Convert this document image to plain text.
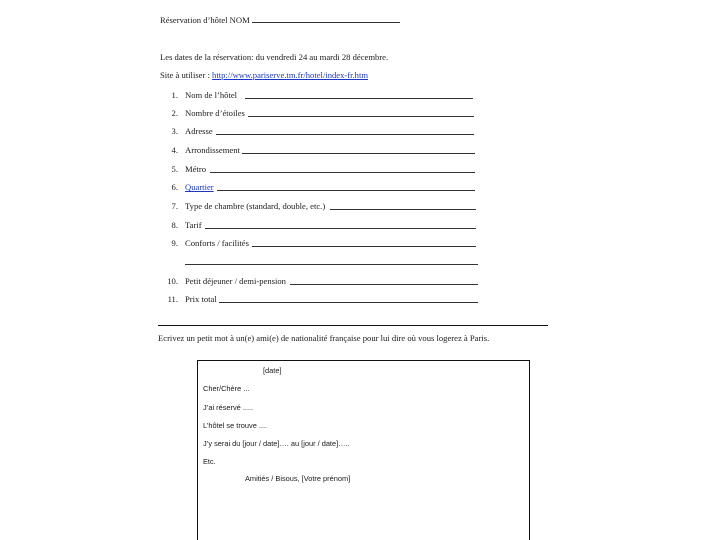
Réservation d’hôtel NOM
Les dates de la réservation: du vendredi 24 au mardi 28 décembre.
Site à utiliser : http://www.pariserve.tm.fr/hotel/index-fr.htm
1. Nom de l’hôtel
2. Nombre d’étoiles
3. Adresse
4. Arrondissement
5. Métro
6. Quartier
7. Type de chambre (standard, double, etc.)
8. Tarif
9. Conforts / facilités
10. Petit déjeuner / demi-pension
11. Prix total
Ecrivez un petit mot à un(e) ami(e) de nationalité française pour lui dire où vous logerez à Paris.
[date]
Cher/Chère ...
J’ai réservé .....
L’hôtel se trouve ....
J’y serai du [jour / date]…. au [jour / date]…..
Etc.
Amitiés / Bisous, [Votre prénom]
